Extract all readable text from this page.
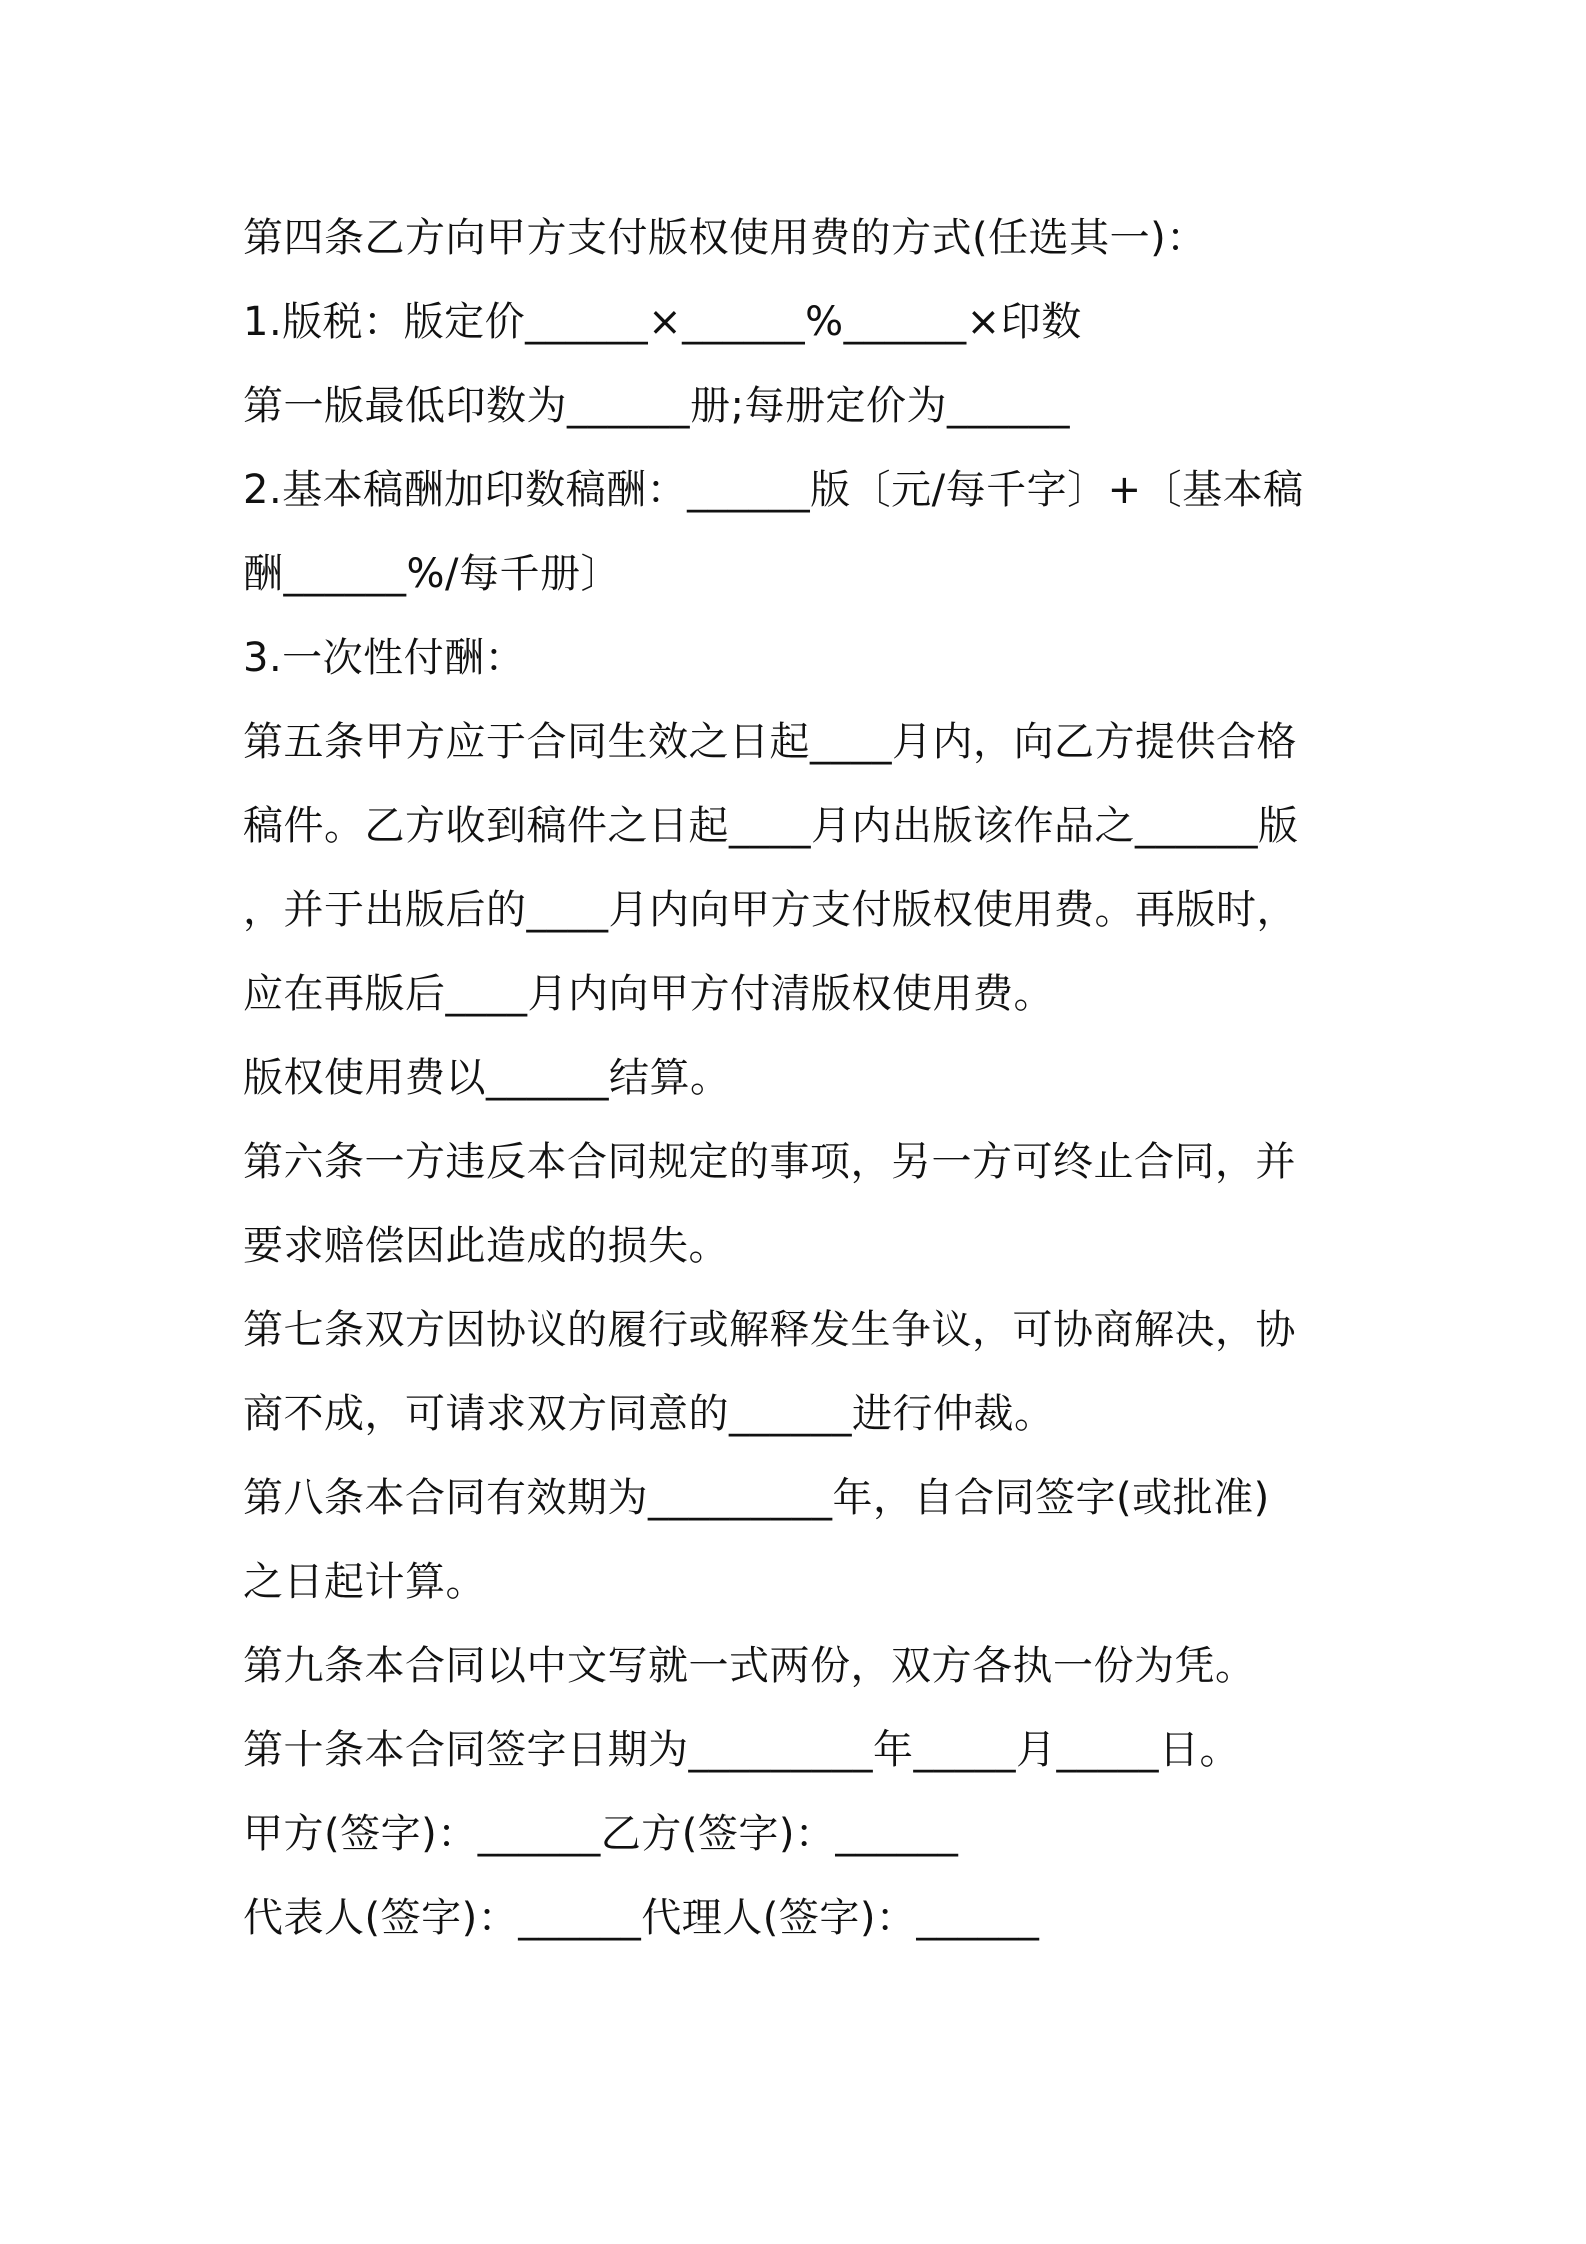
第四条乙方向甲方支付版权使用费的方式(任选其一)：
1.版税：版定价______×______%______×印数
第一版最低印数为______册;每册定价为______
2.基本稿酬加印数稿酬：______版〔元/每千字〕+〔基本稿
酬______%/每千册〕
3.一次性付酬：
第五条甲方应于合同生效之日起____月内，向乙方提供合格
稿件。乙方收到稿件之日起____月内出版该作品之______版
，并于出版后的____月内向甲方支付版权使用费。再版时，
应在再版后____月内向甲方付清版权使用费。
版权使用费以______结算。
第六条一方违反本合同规定的事项，另一方可终止合同，并
要求赔偿因此造成的损失。
第七条双方因协议的履行或解释发生争议，可协商解决，协
商不成，可请求双方同意的______进行仲裁。
第八条本合同有效期为_________年，自合同签字(或批准)
之日起计算。
第九条本合同以中文写就一式两份，双方各执一份为凭。
第十条本合同签字日期为_________年_____月_____日。
甲方(签字)：______乙方(签字)：______
代表人(签字)：______代理人(签字)：______
